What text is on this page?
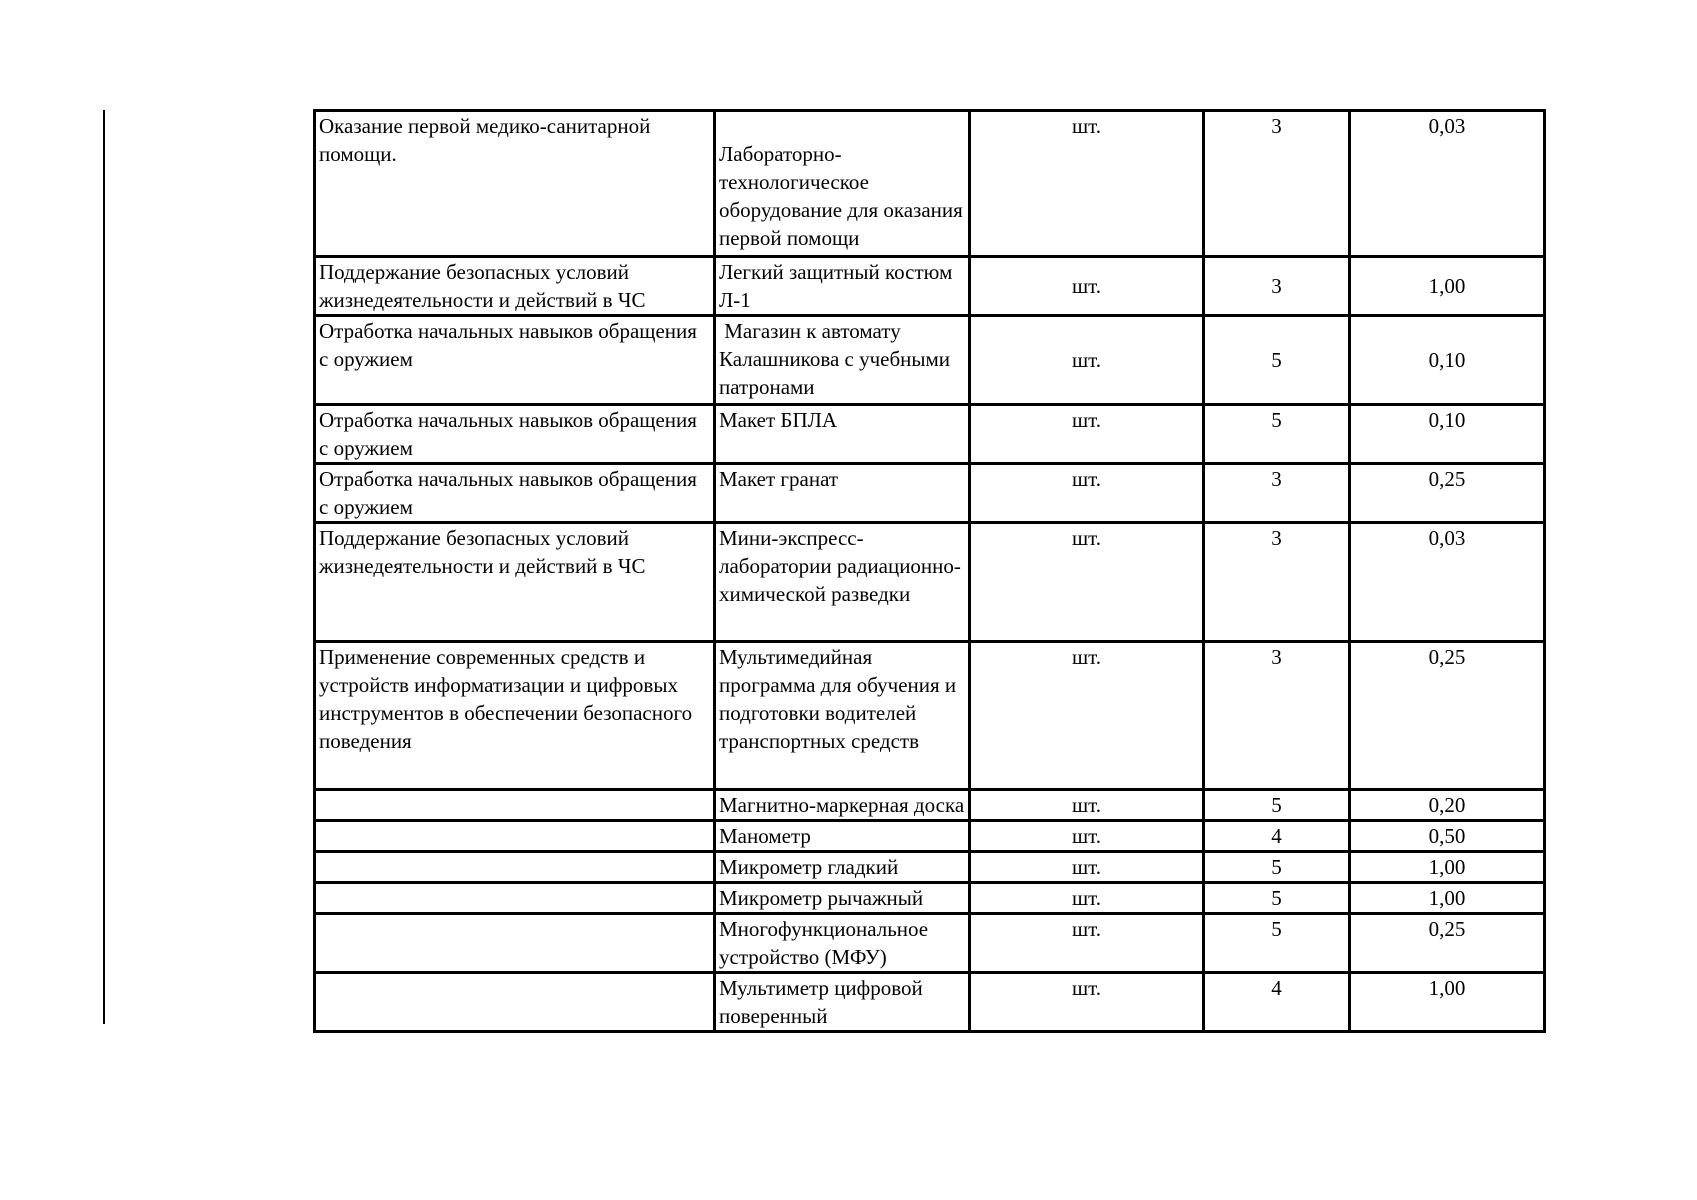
Оказание первой медико-санитарной помощи.	Лабораторно-технологическое оборудование для оказания первой помощи	шт.	3	0,03
Поддержание безопасных условий жизнедеятельности и действий в ЧС	Легкий защитный костюм Л-1	шт.	3	1,00
Отработка начальных навыков обращения с оружием	Магазин к автомату Калашникова с учебными патронами	шт.	5	0,10
Отработка начальных навыков обращения с оружием	Макет БПЛА	шт.	5	0,10
Отработка начальных навыков обращения с оружием	Макет гранат	шт.	3	0,25
Поддержание безопасных условий жизнедеятельности и действий в ЧС	Мини-экспресс-лаборатории радиационно-химической разведки	шт.	3	0,03
Применение современных средств и устройств информатизации и цифровых инструментов в обеспечении безопасного поведения	Мультимедийная программа для обучения и подготовки водителей транспортных средств	шт.	3	0,25
	Магнитно-маркерная доска	шт.	5	0,20
	Манометр	шт.	4	0,50
	Микрометр гладкий	шт.	5	1,00
	Микрометр рычажный	шт.	5	1,00
	Многофункциональное устройство (МФУ)	шт.	5	0,25
	Мультиметр цифровой поверенный	шт.	4	1,00
